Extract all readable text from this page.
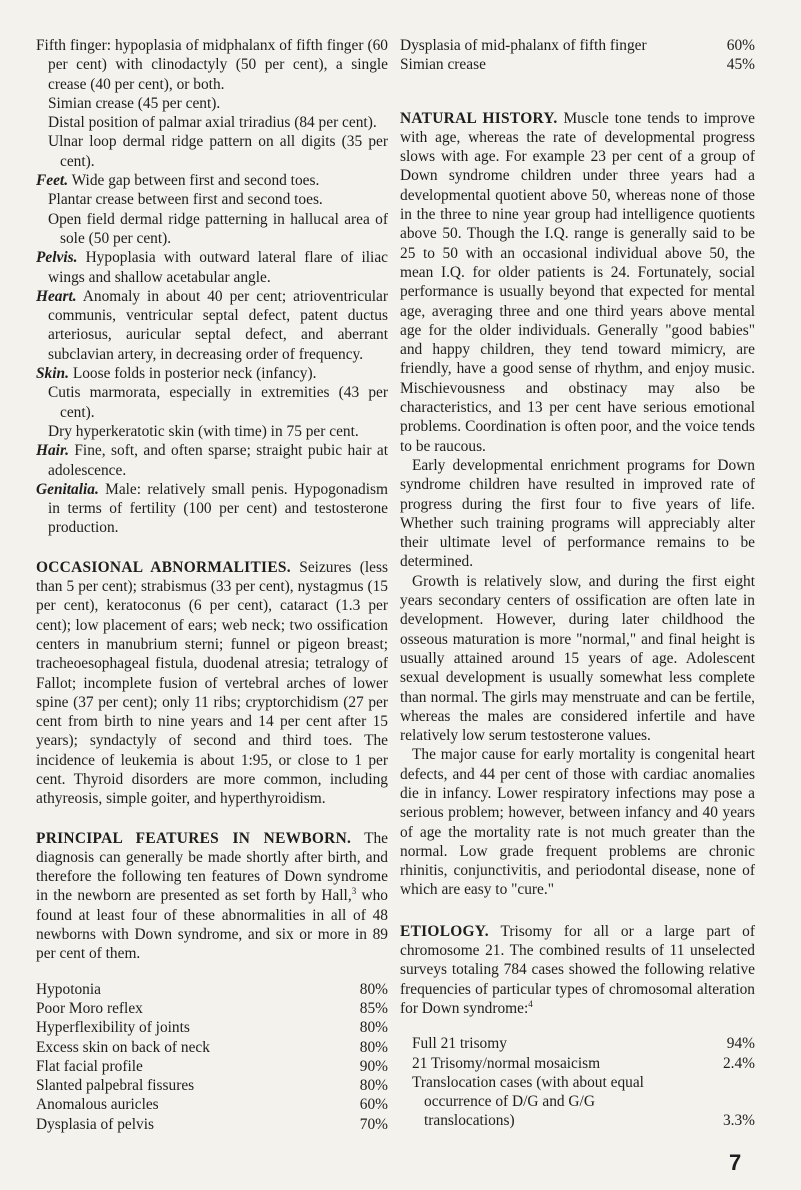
Fifth finger: hypoplasia of midphalanx of fifth finger (60 per cent) with clinodactyly (50 per cent), a single crease (40 per cent), or both.

Simian crease (45 per cent).

Distal position of palmar axial triradius (84 per cent).

Ulnar loop dermal ridge pattern on all digits (35 per cent).

Feet. Wide gap between first and second toes.

Plantar crease between first and second toes.

Open field dermal ridge patterning in hallucal area of sole (50 per cent).

Pelvis. Hypoplasia with outward lateral flare of iliac wings and shallow acetabular angle.

Heart. Anomaly in about 40 per cent; atrioventricular communis, ventricular septal defect, patent ductus arteriosus, auricular septal defect, and aberrant subclavian artery, in decreasing order of frequency.

Skin. Loose folds in posterior neck (infancy).

Cutis marmorata, especially in extremities (43 per cent).

Dry hyperkeratotic skin (with time) in 75 per cent.

Hair. Fine, soft, and often sparse; straight pubic hair at adolescence.

Genitalia. Male: relatively small penis. Hypogonadism in terms of fertility (100 per cent) and testosterone production.

OCCASIONAL ABNORMALITIES. Seizures (less than 5 per cent); strabismus (33 per cent), nystagmus (15 per cent), keratoconus (6 per cent), cataract (1.3 per cent); low placement of ears; web neck; two ossification centers in manubrium sterni; funnel or pigeon breast; tracheoesophageal fistula, duodenal atresia; tetralogy of Fallot; incomplete fusion of vertebral arches of lower spine (37 per cent); only 11 ribs; cryptorchidism (27 per cent from birth to nine years and 14 per cent after 15 years); syndactyly of second and third toes. The incidence of leukemia is about 1:95, or close to 1 per cent. Thyroid disorders are more common, including athyreosis, simple goiter, and hyperthyroidism.

PRINCIPAL FEATURES IN NEWBORN. The diagnosis can generally be made shortly after birth, and therefore the following ten features of Down syndrome in the newborn are presented as set forth by Hall,$^3$ who found at least four of these abnormalities in all of 48 newborns with Down syndrome, and six or more in 89 per cent of them.

Hypotonia	80%
Poor Moro reflex	85%
Hyperflexibility of joints	80%
Excess skin on back of neck	80%
Flat facial profile	90%
Slanted palpebral fissures	80%
Anomalous auricles	60%
Dysplasia of pelvis	70%
Dysplasia of mid-phalanx of fifth finger	60%
Simian crease	45%

NATURAL HISTORY. Muscle tone tends to improve with age, whereas the rate of developmental progress slows with age. For example 23 per cent of a group of Down syndrome children under three years had a developmental quotient above 50, whereas none of those in the three to nine year group had intelligence quotients above 50. Though the I.Q. range is generally said to be 25 to 50 with an occasional individual above 50, the mean I.Q. for older patients is 24. Fortunately, social performance is usually beyond that expected for mental age, averaging three and one third years above mental age for the older individuals. Generally "good babies" and happy children, they tend toward mimicry, are friendly, have a good sense of rhythm, and enjoy music. Mischievousness and obstinacy may also be characteristics, and 13 per cent have serious emotional problems. Coordination is often poor, and the voice tends to be raucous.

Early developmental enrichment programs for Down syndrome children have resulted in improved rate of progress during the first four to five years of life. Whether such training programs will appreciably alter their ultimate level of performance remains to be determined.

Growth is relatively slow, and during the first eight years secondary centers of ossification are often late in development. However, during later childhood the osseous maturation is more "normal," and final height is usually attained around 15 years of age. Adolescent sexual development is usually somewhat less complete than normal. The girls may menstruate and can be fertile, whereas the males are considered infertile and have relatively low serum testosterone values.

The major cause for early mortality is congenital heart defects, and 44 per cent of those with cardiac anomalies die in infancy. Lower respiratory infections may pose a serious problem; however, between infancy and 40 years of age the mortality rate is not much greater than the normal. Low grade frequent problems are chronic rhinitis, conjunctivitis, and periodontal disease, none of which are easy to "cure."

ETIOLOGY. Trisomy for all or a large part of chromosome 21. The combined results of 11 unselected surveys totaling 784 cases showed the following relative frequencies of particular types of chromosomal alteration for Down syndrome:$^4$

Full 21 trisomy	94%
21 Trisomy/normal mosaicism	2.4%
Translocation cases (with about equal
occurrence of D/G and G/G
translocations)	3.3%
7
